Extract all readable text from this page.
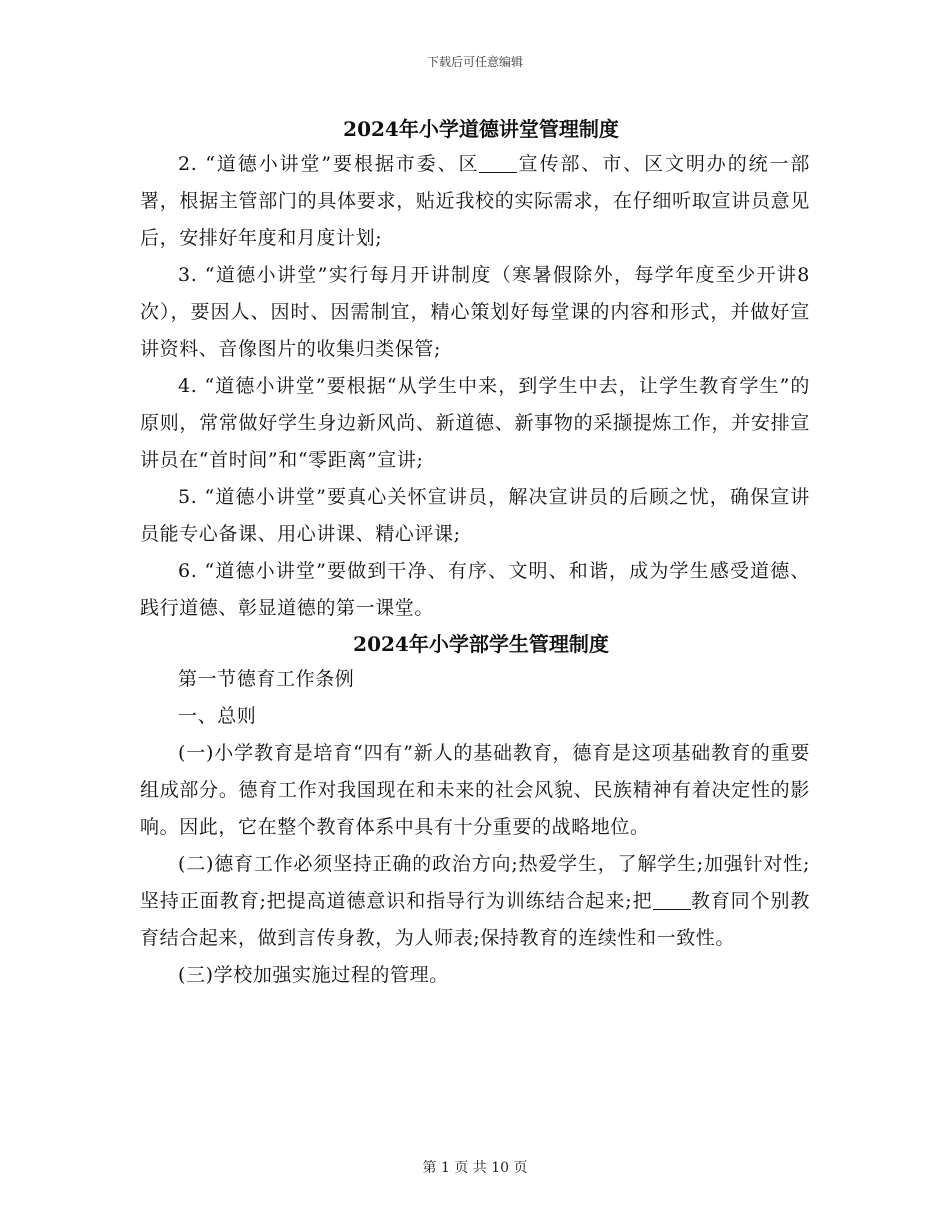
下载后可任意编辑
2024年小学道德讲堂管理制度

2. “道德小讲堂”要根据市委、区 宣传部、市、区文明办的统一部署，根据主管部门的具体要求，贴近我校的实际需求，在仔细听取宣讲员意见后，安排好年度和月度计划;

3. “道德小讲堂”实行每月开讲制度（寒暑假除外，每学年度至少开讲8次），要因人、因时、因需制宜，精心策划好每堂课的内容和形式，并做好宣讲资料、音像图片的收集归类保管;

4. “道德小讲堂”要根据“从学生中来，到学生中去，让学生教育学生”的原则，常常做好学生身边新风尚、新道德、新事物的采撷提炼工作，并安排宣讲员在“首时间”和“零距离”宣讲;

5. “道德小讲堂”要真心关怀宣讲员，解决宣讲员的后顾之忧，确保宣讲员能专心备课、用心讲课、精心评课;

6. “道德小讲堂”要做到干净、有序、文明、和谐，成为学生感受道德、践行道德、彰显道德的第一课堂。

2024年小学部学生管理制度

第一节德育工作条例

一、总则

(一)小学教育是培育“四有”新人的基础教育，德育是这项基础教育的重要组成部分。德育工作对我国现在和未来的社会风貌、民族精神有着决定性的影响。因此，它在整个教育体系中具有十分重要的战略地位。

(二)德育工作必须坚持正确的政治方向;热爱学生，了解学生;加强针对性;坚持正面教育;把提高道德意识和指导行为训练结合起来;把 教育同个别教育结合起来，做到言传身教，为人师表;保持教育的连续性和一致性。

(三)学校加强实施过程的管理。

第 1 页 共 10 页
